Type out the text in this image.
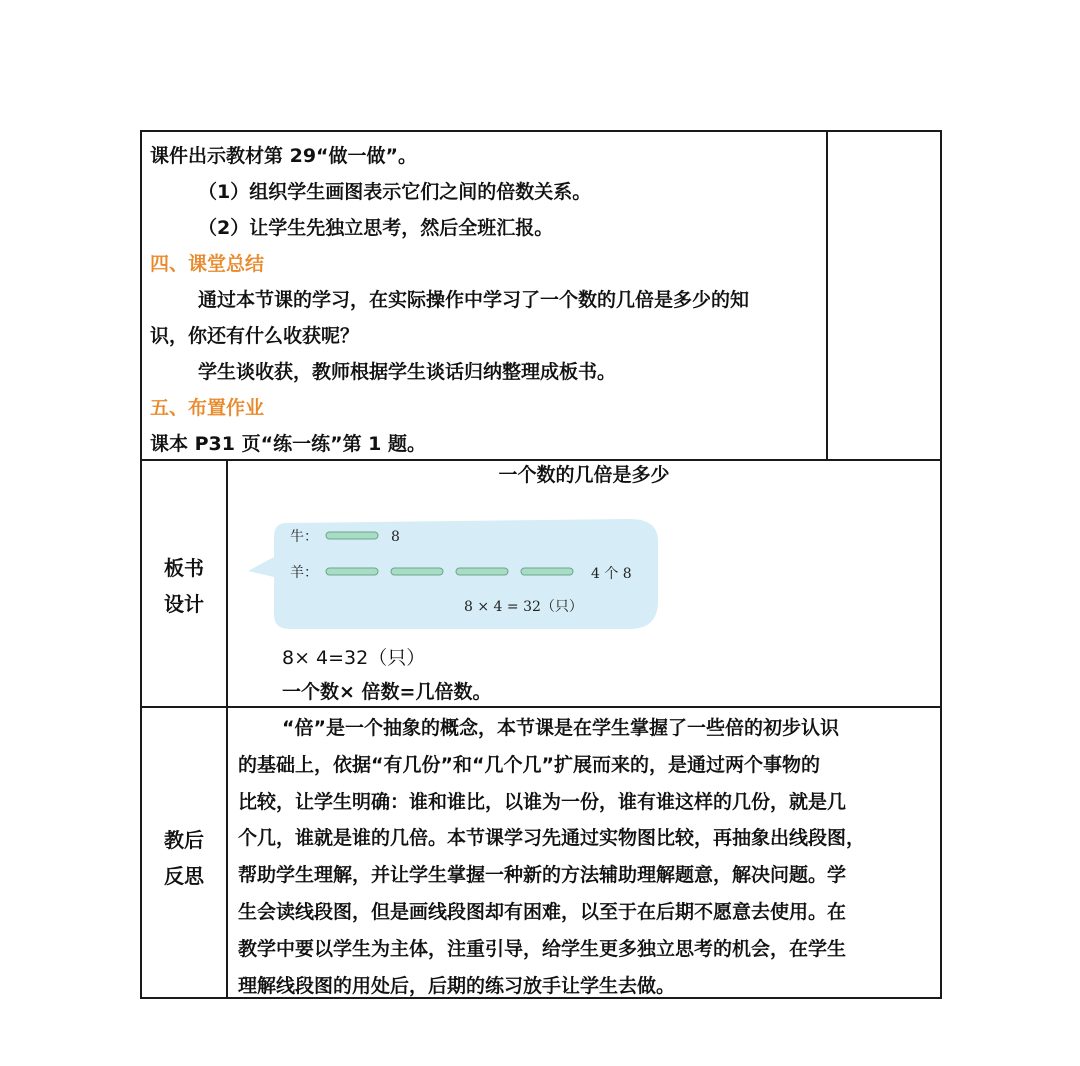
课件出示教材第 29“做一做”。
（1）组织学生画图表示它们之间的倍数关系。
（2）让学生先独立思考，然后全班汇报。
四、课堂总结
通过本节课的学习，在实际操作中学习了一个数的几倍是多少的知
识，你还有什么收获呢？
学生谈收获，教师根据学生谈话归纳整理成板书。
五、布置作业
课本 P31 页“练一练”第 1 题。
板书
设计
一个数的几倍是多少
牛：	8
羊：	4 个 8
8 × 4 = 32（只）
8× 4=32（只）
一个数× 倍数=几倍数。
教后
反思
“倍”是一个抽象的概念，本节课是在学生掌握了一些倍的初步认识
的基础上，依据“有几份”和“几个几”扩展而来的，是通过两个事物的
比较，让学生明确：谁和谁比，以谁为一份，谁有谁这样的几份，就是几
个几，谁就是谁的几倍。本节课学习先通过实物图比较，再抽象出线段图，
帮助学生理解，并让学生掌握一种新的方法辅助理解题意，解决问题。学
生会读线段图，但是画线段图却有困难，以至于在后期不愿意去使用。在
教学中要以学生为主体，注重引导，给学生更多独立思考的机会，在学生
理解线段图的用处后，后期的练习放手让学生去做。
